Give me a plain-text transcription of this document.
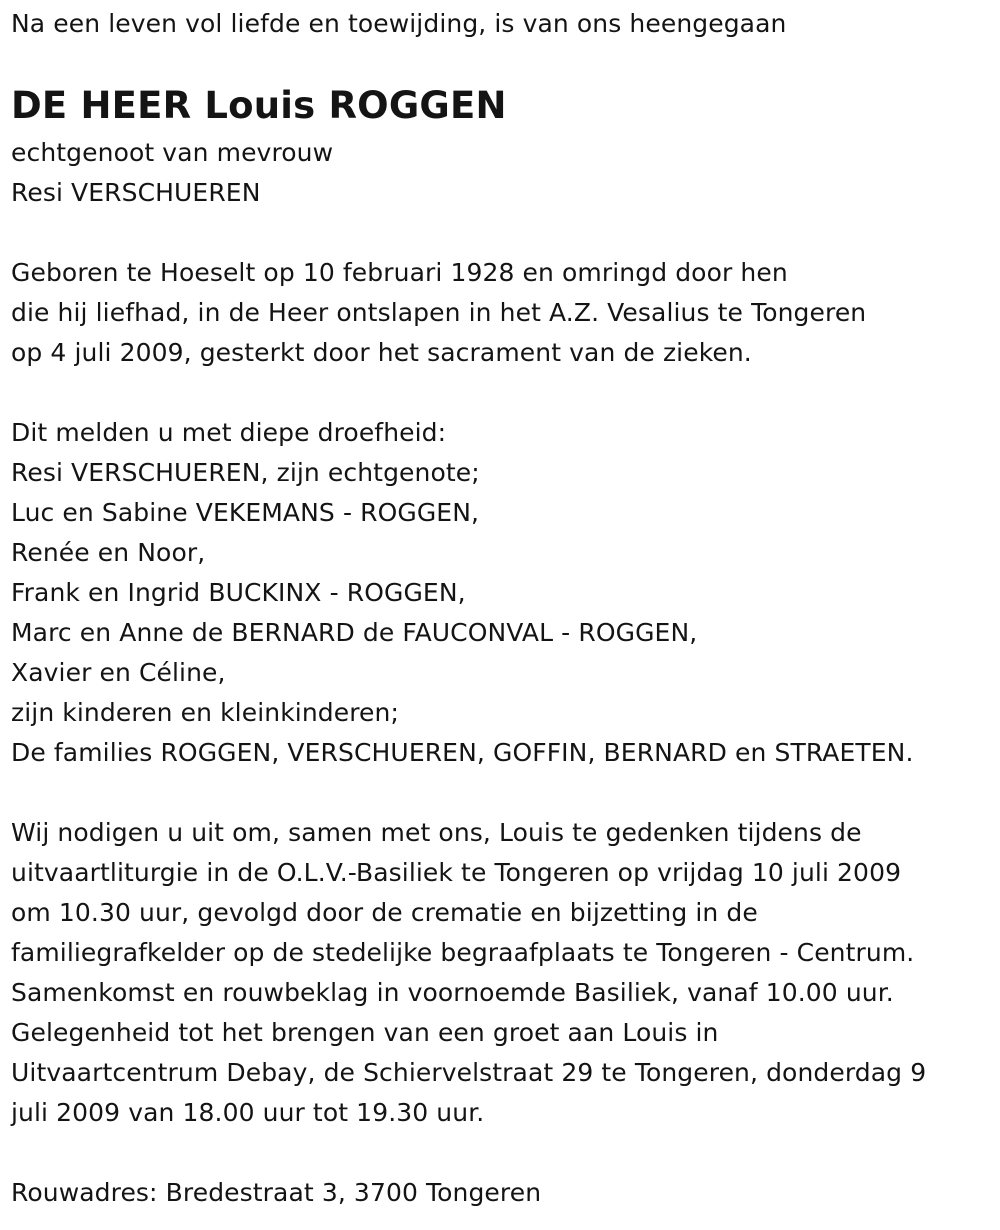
Na een leven vol liefde en toewijding, is van ons heengegaan
DE HEER Louis ROGGEN
echtgenoot van mevrouw
Resi VERSCHUEREN
Geboren te Hoeselt op 10 februari 1928 en omringd door hen
die hij liefhad, in de Heer ontslapen in het A.Z. Vesalius te Tongeren
op 4 juli 2009, gesterkt door het sacrament van de zieken.
Dit melden u met diepe droefheid:
Resi VERSCHUEREN, zijn echtgenote;
Luc en Sabine VEKEMANS - ROGGEN,
Renée en Noor,
Frank en Ingrid BUCKINX - ROGGEN,
Marc en Anne de BERNARD de FAUCONVAL - ROGGEN,
Xavier en Céline,
zijn kinderen en kleinkinderen;
De families ROGGEN, VERSCHUEREN, GOFFIN, BERNARD en STRAETEN.
Wij nodigen u uit om, samen met ons, Louis te gedenken tijdens de
uitvaartliturgie in de O.L.V.-Basiliek te Tongeren op vrijdag 10 juli 2009
om 10.30 uur, gevolgd door de crematie en bijzetting in de
familiegrafkelder op de stedelijke begraafplaats te Tongeren - Centrum.
Samenkomst en rouwbeklag in voornoemde Basiliek, vanaf 10.00 uur.
Gelegenheid tot het brengen van een groet aan Louis in
Uitvaartcentrum Debay, de Schiervelstraat 29 te Tongeren, donderdag 9
juli 2009 van 18.00 uur tot 19.30 uur.
Rouwadres: Bredestraat 3, 3700 Tongeren
